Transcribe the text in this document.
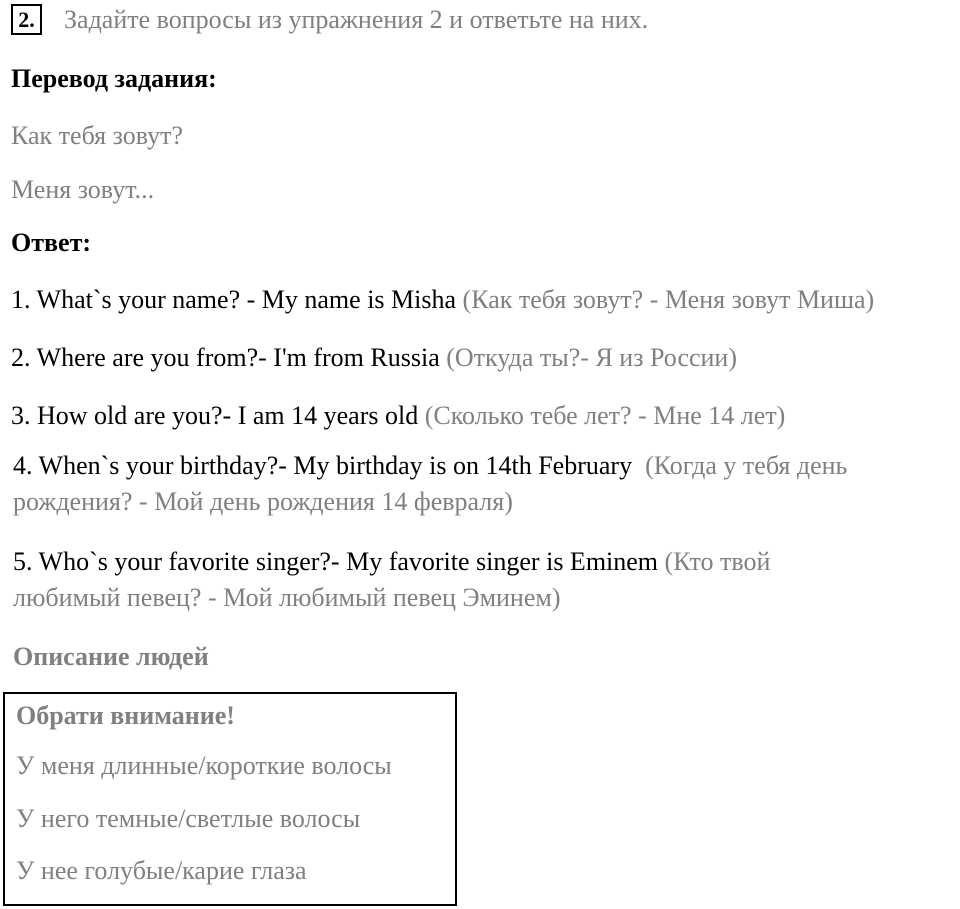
2. Задайте вопросы из упражнения 2 и ответьте на них.
Перевод задания:
Как тебя зовут?
Меня зовут...
Ответ:
1. What`s your name? - My name is Misha (Как тебя зовут? - Меня зовут Миша)
2. Where are you from?- I'm from Russia (Откуда ты?- Я из России)
3. How old are you?- I am 14 years old (Сколько тебе лет? - Мне 14 лет)
4. When`s your birthday?- My birthday is on 14th February (Когда у тебя день рождения? - Мой день рождения 14 февраля)
5. Who`s your favorite singer?- My favorite singer is Eminem (Кто твой любимый певец? - Мой любимый певец Эминем)
Описание людей
Обрати внимание!
У меня длинные/короткие волосы
У него темные/светлые волосы
У нее голубые/карие глаза
